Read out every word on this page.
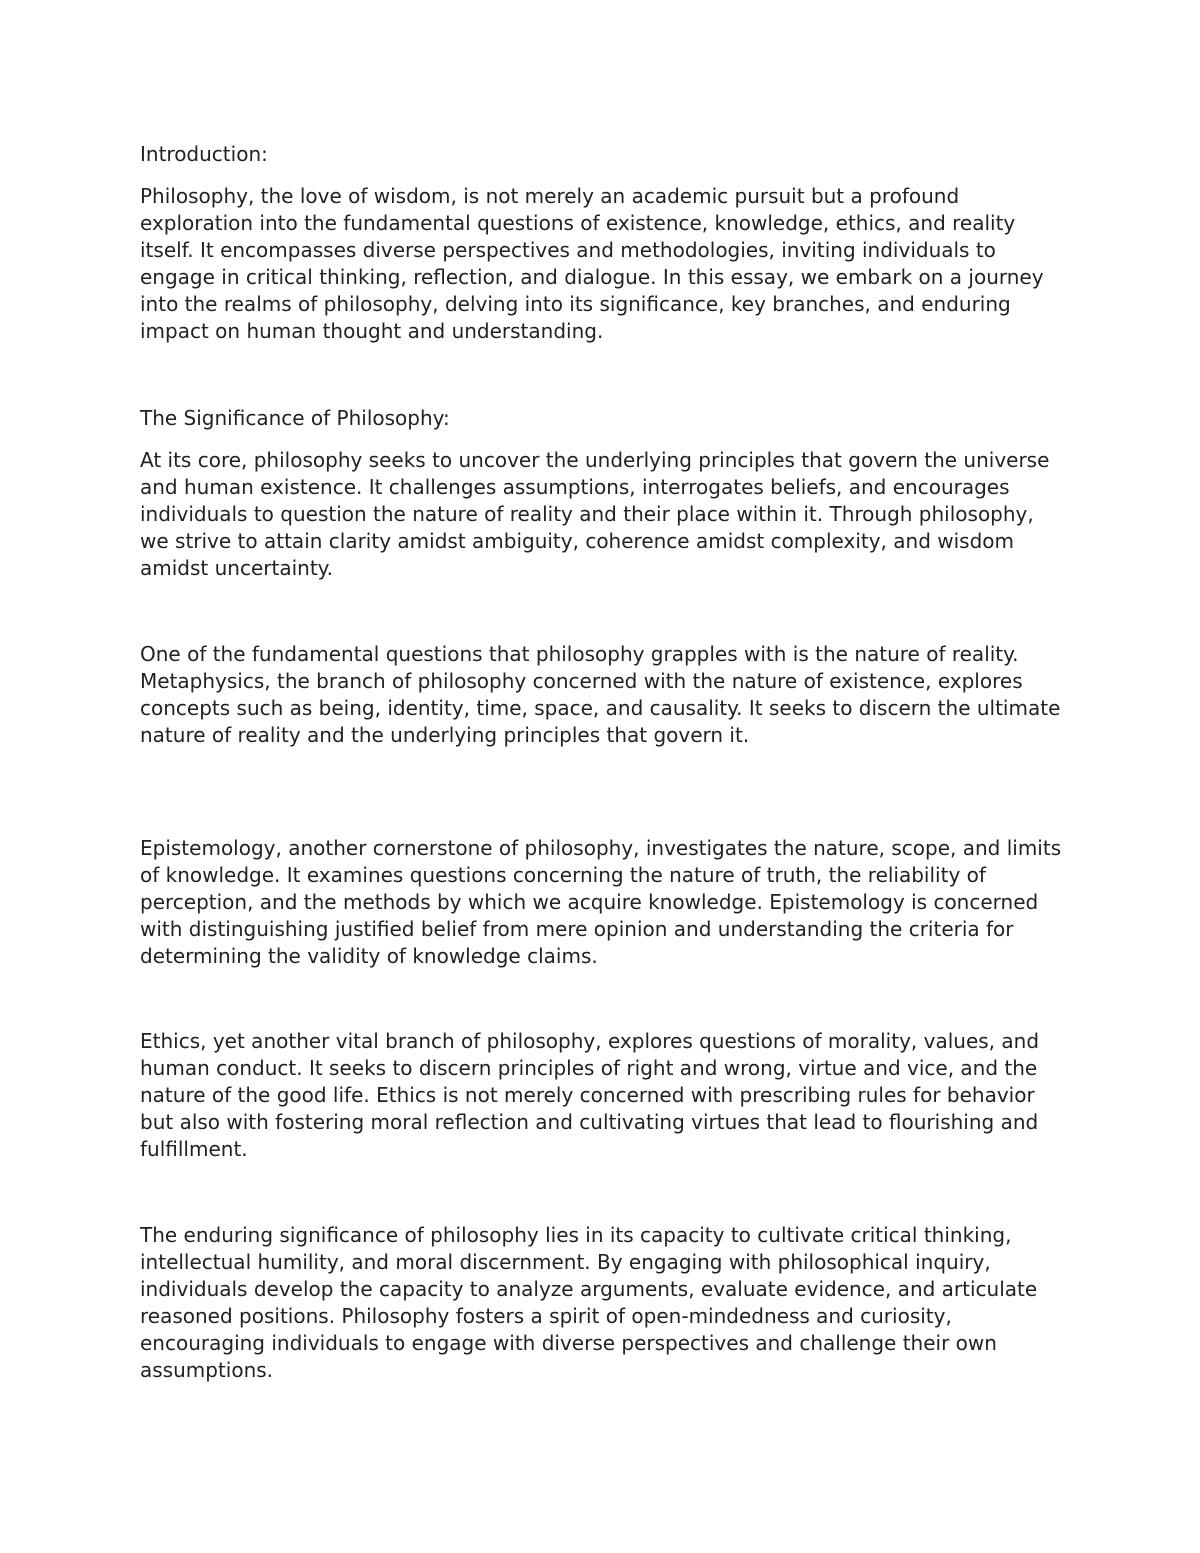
Introduction:

Philosophy, the love of wisdom, is not merely an academic pursuit but a profound exploration into the fundamental questions of existence, knowledge, ethics, and reality itself. It encompasses diverse perspectives and methodologies, inviting individuals to engage in critical thinking, reflection, and dialogue. In this essay, we embark on a journey into the realms of philosophy, delving into its significance, key branches, and enduring impact on human thought and understanding.

The Significance of Philosophy:

At its core, philosophy seeks to uncover the underlying principles that govern the universe and human existence. It challenges assumptions, interrogates beliefs, and encourages individuals to question the nature of reality and their place within it. Through philosophy, we strive to attain clarity amidst ambiguity, coherence amidst complexity, and wisdom amidst uncertainty.

One of the fundamental questions that philosophy grapples with is the nature of reality. Metaphysics, the branch of philosophy concerned with the nature of existence, explores concepts such as being, identity, time, space, and causality. It seeks to discern the ultimate nature of reality and the underlying principles that govern it.

Epistemology, another cornerstone of philosophy, investigates the nature, scope, and limits of knowledge. It examines questions concerning the nature of truth, the reliability of perception, and the methods by which we acquire knowledge. Epistemology is concerned with distinguishing justified belief from mere opinion and understanding the criteria for determining the validity of knowledge claims.

Ethics, yet another vital branch of philosophy, explores questions of morality, values, and human conduct. It seeks to discern principles of right and wrong, virtue and vice, and the nature of the good life. Ethics is not merely concerned with prescribing rules for behavior but also with fostering moral reflection and cultivating virtues that lead to flourishing and fulfillment.

The enduring significance of philosophy lies in its capacity to cultivate critical thinking, intellectual humility, and moral discernment. By engaging with philosophical inquiry, individuals develop the capacity to analyze arguments, evaluate evidence, and articulate reasoned positions. Philosophy fosters a spirit of open-mindedness and curiosity, encouraging individuals to engage with diverse perspectives and challenge their own assumptions.
